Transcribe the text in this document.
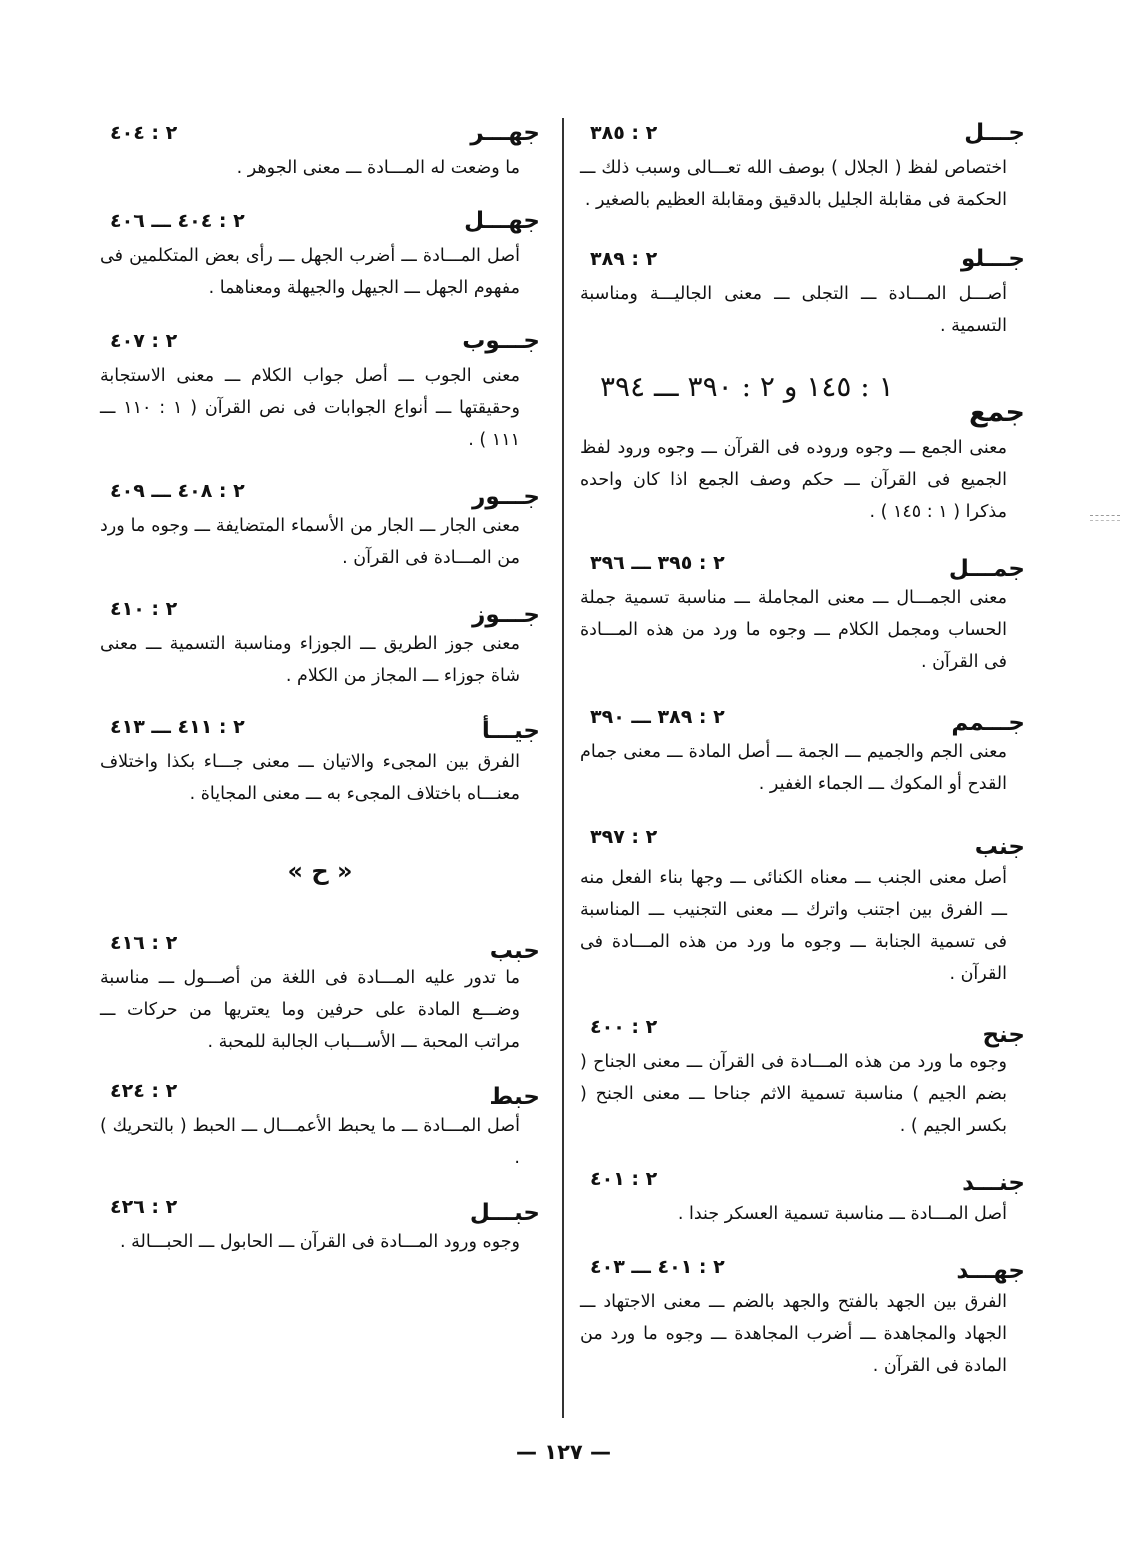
جـــل
٢ : ٣٨٥
اختصاص لفظ ( الجلال ) بوصف الله تعـــالى وسبب ذلك ـــ الحكمة فى مقابلة الجليل بالدقيق ومقابلة العظيم بالصغير .
جـــلو
٢ : ٣٨٩
أصـــل المـــادة ـــ التجلى ـــ معنى الجاليـــة ومناسبة التسمية .
جمع
١ : ١٤٥ و ٢ : ٣٩٠ ـــ ٣٩٤
معنى الجمع ـــ وجوه وروده فى القرآن ـــ وجوه ورود لفظ الجميع فى القرآن ـــ حكم وصف الجمع اذا كان واحده مذكرا ( ١ : ١٤٥ ) .
جمـــل
٢ : ٣٩٥ ـــ ٣٩٦
معنى الجمـــال ـــ معنى المجاملة ـــ مناسبة تسمية جملة الحساب ومجمل الكلام ـــ وجوه ما ورد من هذه المـــادة فى القرآن .
جـــمم
٢ : ٣٨٩ ـــ ٣٩٠
معنى الجم والجميم ـــ الجمة ـــ أصل المادة ـــ معنى جمام القدح أو المكوك ـــ الجماء الغفير .
جنب
٢ : ٣٩٧
أصل معنى الجنب ـــ معناه الكنائى ـــ وجها بناء الفعل منه ـــ الفرق بين اجتنب واترك ـــ معنى التجنيب ـــ المناسبة فى تسمية الجنابة ـــ وجوه ما ورد من هذه المـــادة فى القرآن .
جنح
٢ : ٤٠٠
وجوه ما ورد من هذه المـــادة فى القرآن ـــ معنى الجناح ( بضم الجيم ) مناسبة تسمية الاثم جناحا ـــ معنى الجنح ( بكسر الجيم ) .
جنـــد
٢ : ٤٠١
أصل المـــادة ـــ مناسبة تسمية العسكر جندا .
جهـــد
٢ : ٤٠١ ـــ ٤٠٣
الفرق بين الجهد بالفتح والجهد بالضم ـــ معنى الاجتهاد ـــ الجهاد والمجاهدة ـــ أضرب المجاهدة ـــ وجوه ما ورد من المادة فى القرآن .
جهـــر
٢ : ٤٠٤
ما وضعت له المـــادة ـــ معنى الجوهر .
جهـــل
٢ : ٤٠٤ ـــ ٤٠٦
أصل المـــادة ـــ أضرب الجهل ـــ رأى بعض المتكلمين فى مفهوم الجهل ـــ الجيهل والجيهلة ومعناهما .
جـــوب
٢ : ٤٠٧
معنى الجوب ـــ أصل جواب الكلام ـــ معنى الاستجابة وحقيقتها ـــ أنواع الجوابات فى نص القرآن ( ١ : ١١٠ ـــ ١١١ ) .
جـــور
٢ : ٤٠٨ ـــ ٤٠٩
معنى الجار ـــ الجار من الأسماء المتضايفة ـــ وجوه ما ورد من المـــادة فى القرآن .
جـــوز
٢ : ٤١٠
معنى جوز الطريق ـــ الجوزاء ومناسبة التسمية ـــ معنى شاة جوزاء ـــ المجاز من الكلام .
جيـــأ
٢ : ٤١١ ـــ ٤١٣
الفرق بين المجىء والاتيان ـــ معنى جـــاء بكذا واختلاف معنـــاه باختلاف المجىء به ـــ معنى المجاياة .
« ح »
حبب
٢ : ٤١٦
ما تدور عليه المـــادة فى اللغة من أصـــول ـــ مناسبة وضـــع المادة على حرفين وما يعتريها من حركات ـــ مراتب المحبة ـــ الأســـباب الجالبة للمحبة .
حبط
٢ : ٤٢٤
أصل المـــادة ـــ ما يحبط الأعمـــال ـــ الحبط ( بالتحريك ) .
حبـــل
٢ : ٤٢٦
وجوه ورود المـــادة فى القرآن ـــ الحابول ـــ الحبـــالة .
— ١٢٧ —
